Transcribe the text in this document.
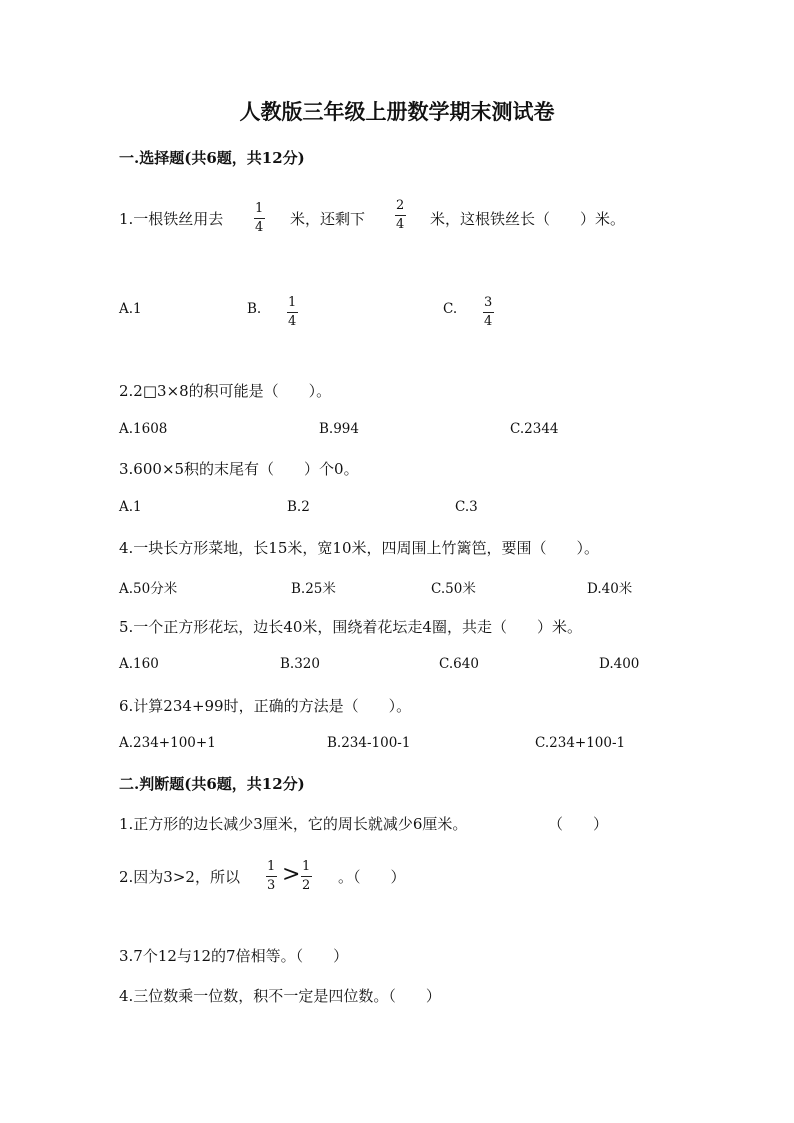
人教版三年级上册数学期末测试卷
一.选择题(共6题，共12分)
1.一根铁丝用去
1
4 米，还剩下
2
4 米，这根铁丝长（　　）米。
A.1	B. 1
4
C. 3
4
2.2□3×8的积可能是（　　）。
A.1608	B.994	C.2344
3.600×5积的末尾有（　　）个0。
A.1	B.2	C.3
4.一块长方形菜地，长15米，宽10米，四周围上竹篱笆，要围（　　）。
A.50分米	B.25米	C.50米	D.40米
5.一个正方形花坛，边长40米，围绕着花坛走4圈，共走（　　）米。
A.160	B.320	C.640	D.400
6.计算234+99时，正确的方法是（　　）。
A.234+100+1	B.234-100-1	C.234+100-1
二.判断题(共6题，共12分)
1.正方形的边长减少3厘米，它的周长就减少6厘米。	（　　）
2.因为3>2，所以
1
3 > 1
2 。（　　）
3.7个12与12的7倍相等。（　　）
4.三位数乘一位数，积不一定是四位数。（　　）
